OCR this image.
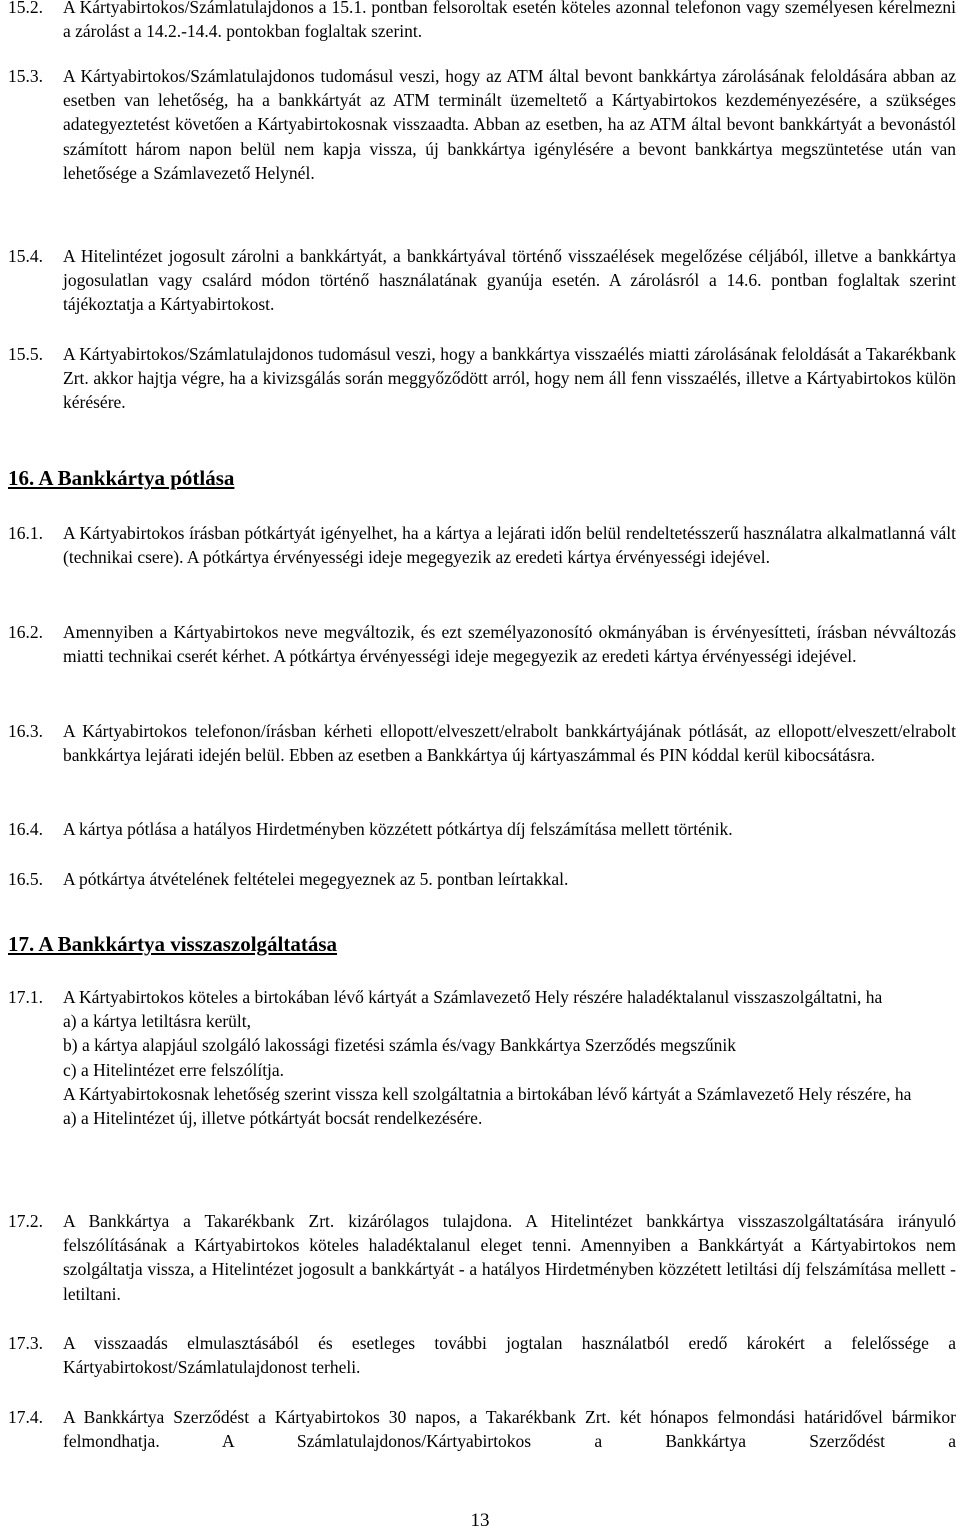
15.2.	A Kártyabirtokos/Számlatulajdonos a 15.1. pontban felsoroltak esetén köteles azonnal telefonon vagy személyesen kérelmezni a zárolást a 14.2.-14.4. pontokban foglaltak szerint.
15.3.	A Kártyabirtokos/Számlatulajdonos tudomásul veszi, hogy az ATM által bevont bankkártya zárolásának feloldására abban az esetben van lehetőség, ha a bankkártyát az ATM terminált üzemeltető a Kártyabirtokos kezdeményezésére, a szükséges adategyeztetést követően a Kártyabirtokosnak visszaadta. Abban az esetben, ha az ATM által bevont bankkártyát a bevonástól számított három napon belül nem kapja vissza, új bankkártya igénylésére a bevont bankkártya megszüntetése után van lehetősége a Számlavezető Helynél.
15.4.	A Hitelintézet jogosult zárolni a bankkártyát, a bankkártyával történő visszaélések megelőzése céljából, illetve a bankkártya jogosulatlan vagy csalárd módon történő használatának gyanúja esetén. A zárolásról a 14.6. pontban foglaltak szerint tájékoztatja a Kártyabirtokost.
15.5.	A Kártyabirtokos/Számlatulajdonos tudomásul veszi, hogy a bankkártya visszaélés miatti zárolásának feloldását a Takarékbank Zrt. akkor hajtja végre, ha a kivizsgálás során meggyőződött arról, hogy nem áll fenn visszaélés, illetve a Kártyabirtokos külön kérésére.
16. A Bankkártya pótlása
16.1.	A Kártyabirtokos írásban pótkártyát igényelhet, ha a kártya a lejárati időn belül rendeltetésszerű használatra alkalmatlanná vált (technikai csere). A pótkártya érvényességi ideje megegyezik az eredeti kártya érvényességi idejével.
16.2.	Amennyiben a Kártyabirtokos neve megváltozik, és ezt személyazonosító okmányában is érvényesítteti, írásban névváltozás miatti technikai cserét kérhet. A pótkártya érvényességi ideje megegyezik az eredeti kártya érvényességi idejével.
16.3.	A Kártyabirtokos telefonon/írásban kérheti ellopott/elveszett/elrabolt bankkártyájának pótlását, az ellopott/elveszett/elrabolt bankkártya lejárati idején belül. Ebben az esetben a Bankkártya új kártyaszámmal és PIN kóddal kerül kibocsátásra.
16.4.	A kártya pótlása a hatályos Hirdetményben közzétett pótkártya díj felszámítása mellett történik.
16.5.	A pótkártya átvételének feltételei megegyeznek az 5. pontban leírtakkal.
17. A Bankkártya visszaszolgáltatása
17.1.	A Kártyabirtokos köteles a birtokában lévő kártyát a Számlavezető Hely részére haladéktalanul visszaszolgáltatni, ha
a) a kártya letiltásra került,
b) a kártya alapjául szolgáló lakossági fizetési számla és/vagy Bankkártya Szerződés megszűnik
c) a Hitelintézet erre felszólítja.
A Kártyabirtokosnak lehetőség szerint vissza kell szolgáltatnia a birtokában lévő kártyát a Számlavezető Hely részére, ha
a) a Hitelintézet új, illetve pótkártyát bocsát rendelkezésére.
17.2.	A Bankkártya a Takarékbank Zrt. kizárólagos tulajdona. A Hitelintézet bankkártya visszaszolgáltatására irányuló felszólításának a Kártyabirtokos köteles haladéktalanul eleget tenni. Amennyiben a Bankkártyát a Kártyabirtokos nem szolgáltatja vissza, a Hitelintézet jogosult a bankkártyát - a hatályos Hirdetményben közzétett letiltási díj felszámítása mellett - letiltani.
17.3.	A visszaadás elmulasztásából és esetleges további jogtalan használatból eredő károkért a felelőssége a Kártyabirtokost/Számlatulajdonost terheli.
17.4.	A Bankkártya Szerződést a Kártyabirtokos 30 napos, a Takarékbank Zrt. két hónapos felmondási határidővel bármikor felmondhatja. A Számlatulajdonos/Kártyabirtokos a Bankkártya Szerződést a
13
